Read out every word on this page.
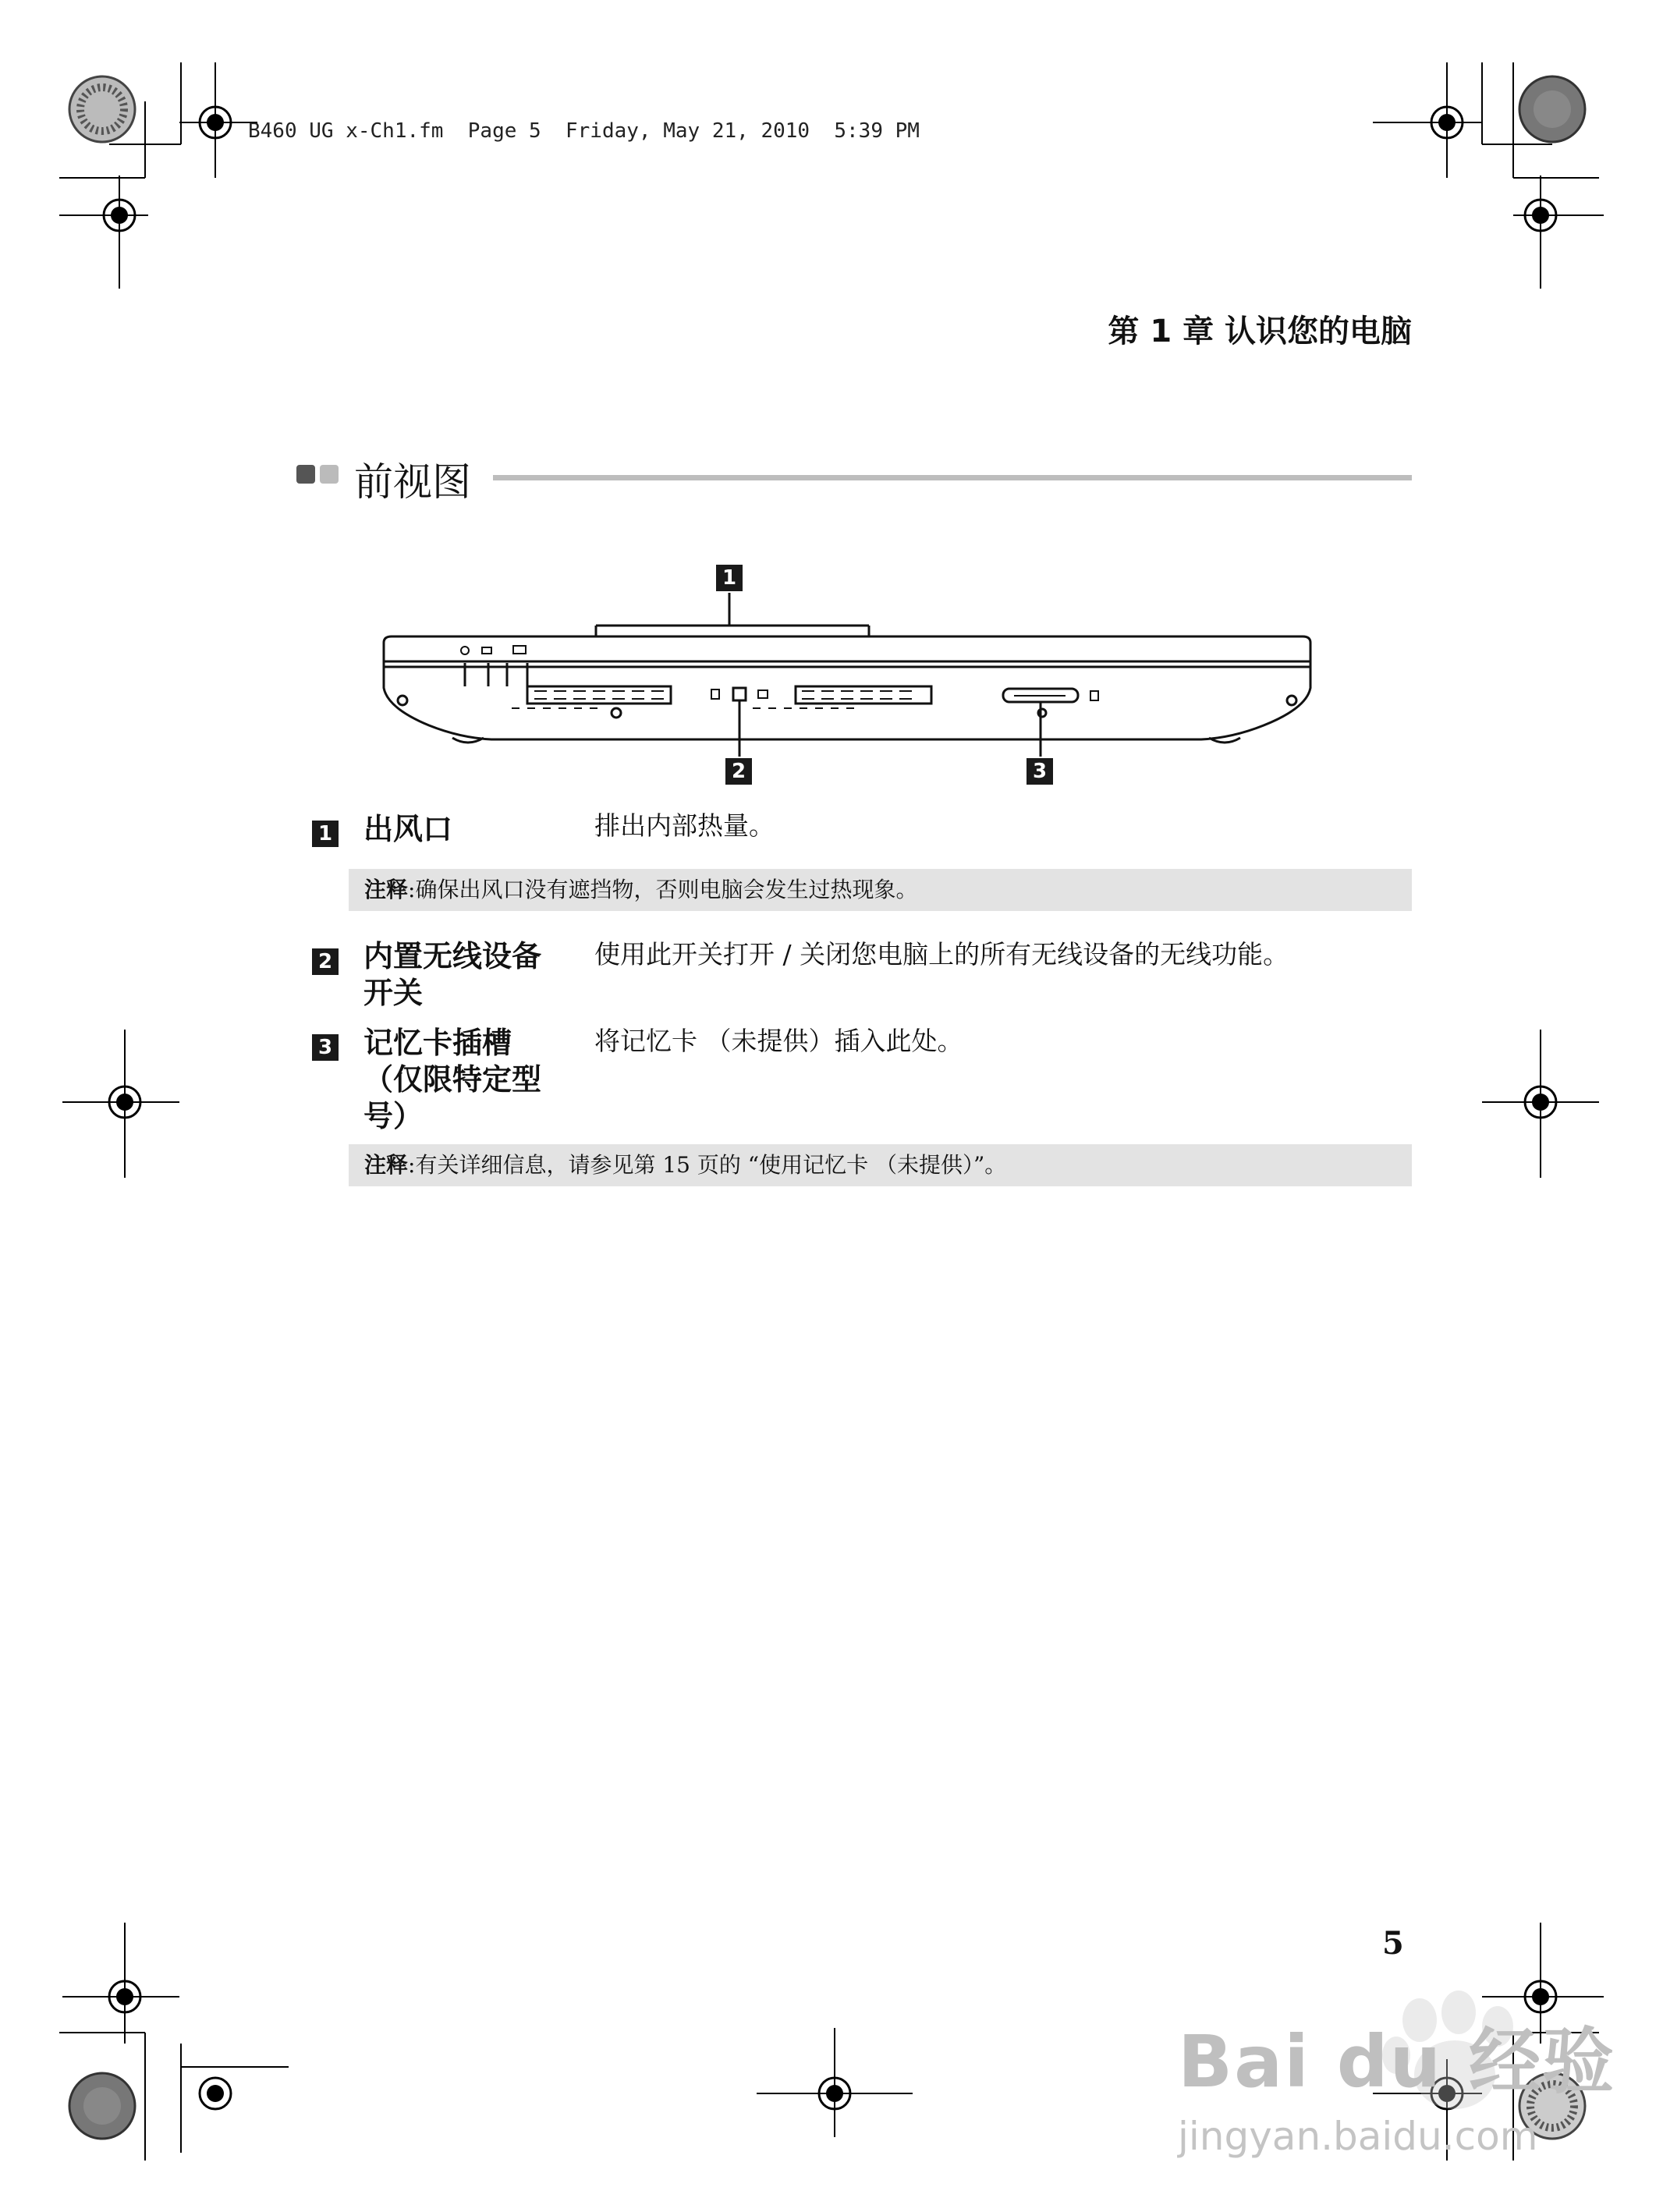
B460 UG x-Ch1.fm  Page 5  Friday, May 21, 2010  5:39 PM
第 1 章 认识您的电脑
前视图
1
2	3
1 出风口	排出内部热量。
注释:确保出风口没有遮挡物，否则电脑会发生过热现象。
2 内置无线设备开关
使用此开关打开 / 关闭您电脑上的所有无线设备的无线功能。
3 记忆卡插槽（仅限特定型号）
将记忆卡 （未提供）插入此处。
注释:有关详细信息，请参见第 15 页的 “使用记忆卡 （未提供）”。
5
Bai du 经验
jingyan.baidu.com
